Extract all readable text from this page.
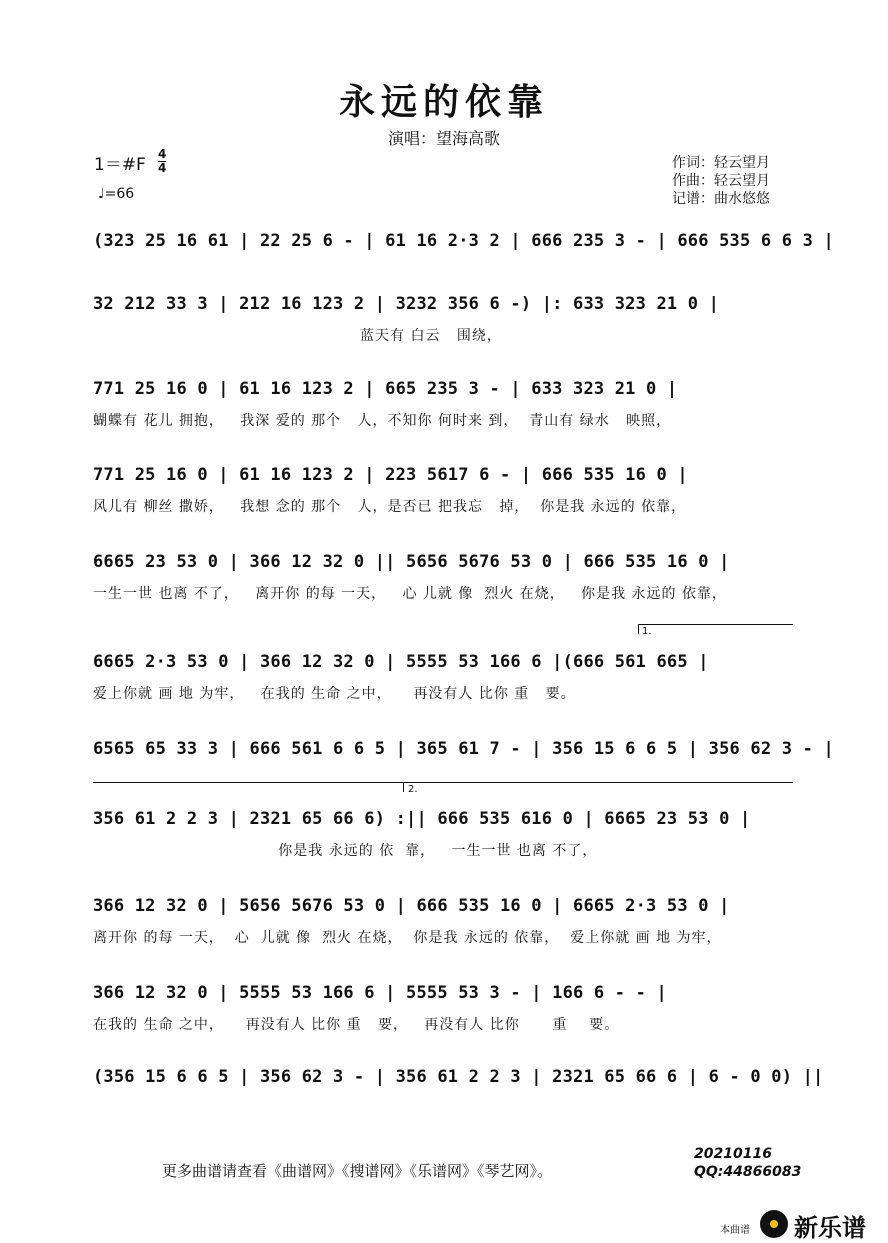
永远的依靠
演唱：望海高歌
1＝#F
4
4
♩=66
作词：轻云望月
作曲：轻云望月
记谱：曲水悠悠
(323 25 16 61 | 22 25 6 - | 61 16 2·3 2 | 666 235 3 - | 666 535 6 6 3 |
32 212 33 3 | 212 16 123 2 | 3232 356 6 -) |: 633 323 21 0 |
蓝天有 白云   围绕，
771 25 16 0 | 61 16 123 2 | 665 235 3 - | 633 323 21 0 |
蝴蝶有 花儿 拥抱，   我深 爱的 那个   人，不知你 何时来 到，  青山有 绿水   映照，
771 25 16 0 | 61 16 123 2 | 223 5617 6 - | 666 535 16 0 |
风儿有 柳丝 撒娇，   我想 念的 那个   人，是否已 把我忘   掉，  你是我 永远的 依靠，
6665 23 53 0 | 366 12 32 0 || 5656 5676 53 0 | 666 535 16 0 |
一生一世 也离 不了，   离开你 的每 一天，   心 儿就 像  烈火 在烧，   你是我 永远的 依靠，
6665 2·3 53 0 | 366 12 32 0 | 5555 53 166 6 |(666 561 665 |
爱上你就 画 地 为牢，   在我的 生命 之中，    再没有人 比你 重   要。
6565 65 33 3 | 666 561 6 6 5 | 365 61 7 - | 356 15 6 6 5 | 356 62 3 - |
356 61 2 2 3 | 2321 65 66 6) :|| 666 535 616 0 | 6665 23 53 0 |
你是我 永远的 依  靠，   一生一世 也离 不了，
366 12 32 0 | 5656 5676 53 0 | 666 535 16 0 | 6665 2·3 53 0 |
离开你 的每 一天，  心  儿就 像  烈火 在烧，  你是我 永远的 依靠，  爱上你就 画 地 为牢，
366 12 32 0 | 5555 53 166 6 | 5555 53 3 - | 166 6 - - |
在我的 生命 之中，    再没有人 比你 重   要，   再没有人 比你      重    要。
(356 15 6 6 5 | 356 62 3 - | 356 61 2 2 3 | 2321 65 66 6 | 6 - 0 0) ||
1.
2.
更多曲谱请查看《曲谱网》《搜谱网》《乐谱网》《琴艺网》。
20210116
QQ:44866083
本曲谱 新乐谱
